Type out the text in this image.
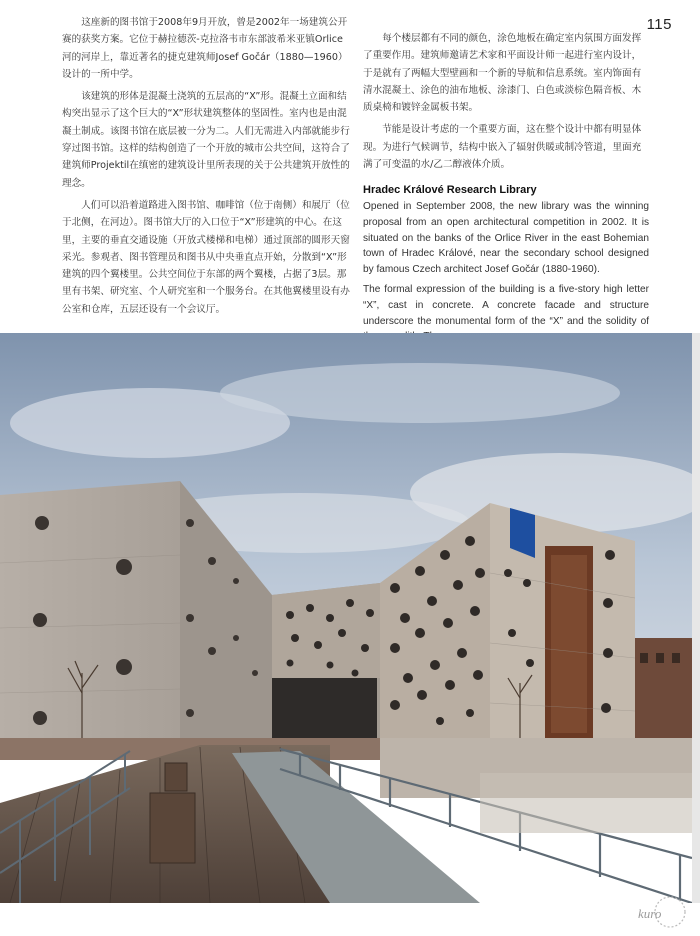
115

这座新的图书馆于2008年9月开放，曾是2002年一场建筑公开赛的获奖方案。它位于赫拉德茨-克拉洛韦市东部波希米亚镇Orlice河的河岸上，靠近著名的捷克建筑师Josef Gočár（1880—1960）设计的一所中学。

该建筑的形体是混凝土浇筑的五层高的“X”形。混凝土立面和结构突出显示了这个巨大的“X”形状建筑整体的坚固性。室内也是由混凝土制成。该图书馆在底层被一分为二。人们无需进入内部就能步行穿过图书馆。这样的结构创造了一个开放的城市公共空间，这符合了建筑师Projektil在缜密的建筑设计里所表现的关于公共建筑开放性的理念。

人们可以沿着道路进入图书馆、咖啡馆（位于南侧）和展厅（位于北侧，在河边）。图书馆大厅的入口位于“X”形建筑的中心。在这里，主要的垂直交通设施（开放式楼梯和电梯）通过顶部的圆形天窗采光。参观者、图书管理员和图书从中央垂直点开始，分散到“X”形建筑的四个翼楼里。公共空间位于东部的两个翼楼，占据了3层。那里有书架、研究室、个人研究室和一个服务台。在其他翼楼里设有办公室和仓库，五层还设有一个会议厅。

每个楼层都有不同的颜色，涂色地板在确定室内氛围方面发挥了重要作用。建筑师邀请艺术家和平面设计师一起进行室内设计，于是就有了两幅大型壁画和一个新的导航和信息系统。室内饰面有清水混凝土、涂色的油布地板、涂漆门、白色或淡棕色隔音板、木质桌椅和镀锌金属板书架。

节能是设计考虑的一个重要方面，这在整个设计中都有明显体现。为进行气候调节，结构中嵌入了辐射供暖或制冷管道，里面充满了可变温的水/乙二醇液体介质。

Hradec Králové Research Library

Opened in September 2008, the new library was the winning proposal from an open architectural competition in 2002. It is situated on the banks of the Orlice River in the east Bohemian town of Hradec Králové, near the secondary school designed by famous Czech architect Josef Gočár (1880-1960).

The formal expression of the building is a five-story high letter “X”, cast in concrete. A concrete facade and structure underscore the monumental form of the “X” and the solidity of

kuro
